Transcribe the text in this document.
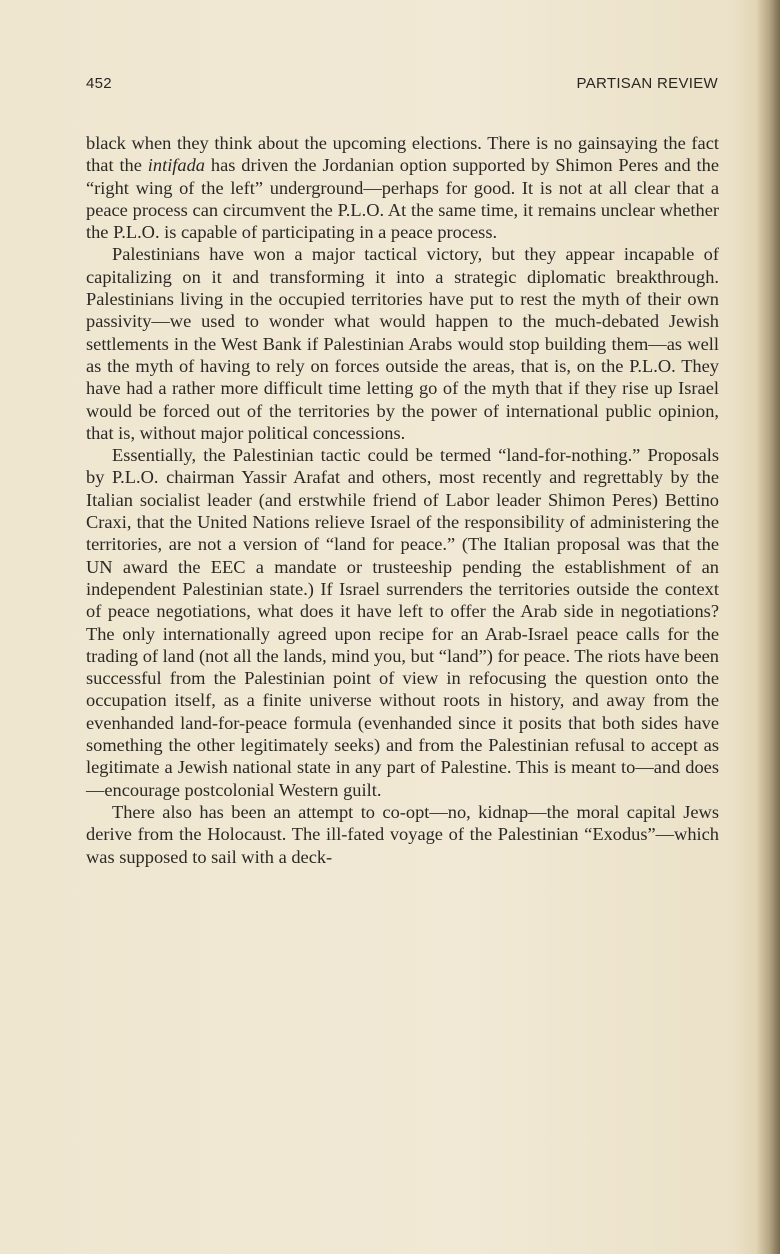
452	PARTISAN REVIEW

black when they think about the upcoming elections. There is no gainsaying the fact that the intifada has driven the Jordanian option supported by Shimon Peres and the “right wing of the left” underground—perhaps for good. It is not at all clear that a peace process can circumvent the P.L.O. At the same time, it remains unclear whether the P.L.O. is capable of participating in a peace process.

Palestinians have won a major tactical victory, but they appear incapable of capitalizing on it and transforming it into a strategic diplomatic breakthrough. Palestinians living in the occupied territories have put to rest the myth of their own passivity—we used to wonder what would happen to the much-debated Jewish settlements in the West Bank if Palestinian Arabs would stop building them—as well as the myth of having to rely on forces outside the areas, that is, on the P.L.O. They have had a rather more difficult time letting go of the myth that if they rise up Israel would be forced out of the territories by the power of international public opinion, that is, without major political concessions.

Essentially, the Palestinian tactic could be termed “land-for-nothing.” Proposals by P.L.O. chairman Yassir Arafat and others, most recently and regrettably by the Italian socialist leader (and erstwhile friend of Labor leader Shimon Peres) Bettino Craxi, that the United Nations relieve Israel of the responsibility of administering the territories, are not a version of “land for peace.” (The Italian proposal was that the UN award the EEC a mandate or trusteeship pending the establishment of an independent Palestinian state.) If Israel surrenders the territories outside the context of peace negotiations, what does it have left to offer the Arab side in negotiations? The only internationally agreed upon recipe for an Arab-Israel peace calls for the trading of land (not all the lands, mind you, but “land”) for peace. The riots have been successful from the Palestinian point of view in refocusing the question onto the occupation itself, as a finite universe without roots in history, and away from the evenhanded land-for-peace formula (evenhanded since it posits that both sides have something the other legitimately seeks) and from the Palestinian refusal to accept as legitimate a Jewish national state in any part of Palestine. This is meant to—and does—encourage postcolonial Western guilt.

There also has been an attempt to co-opt—no, kidnap—the moral capital Jews derive from the Holocaust. The ill-fated voyage of the Palestinian “Exodus”—which was supposed to sail with a deck-
